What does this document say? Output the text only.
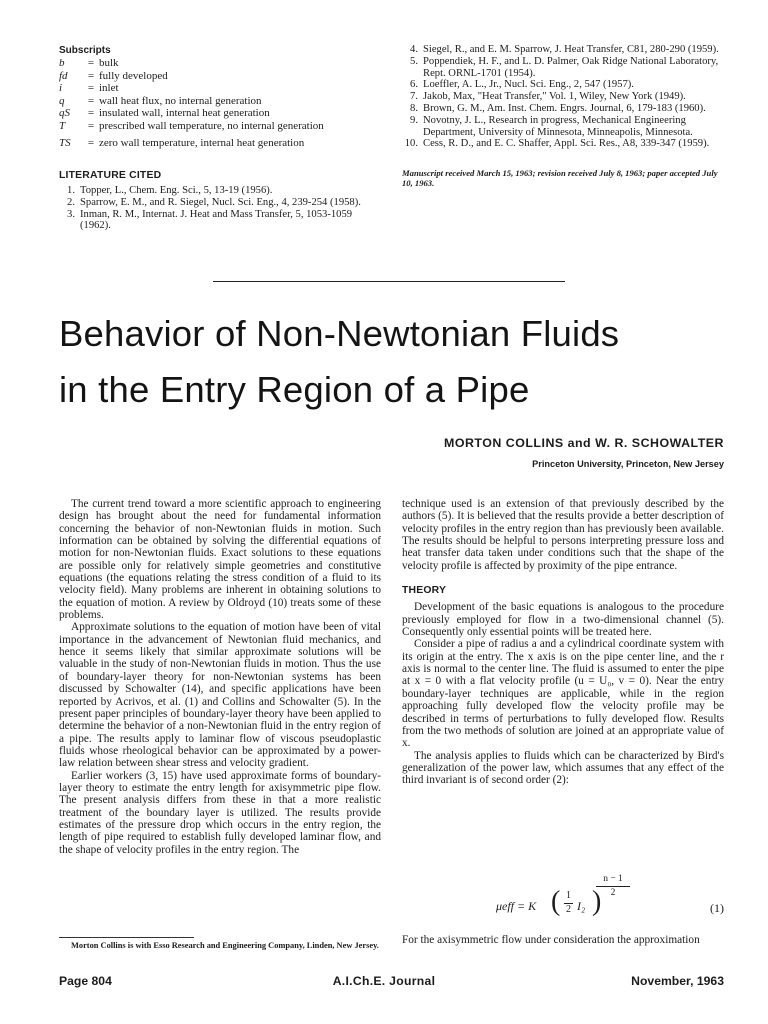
Subscripts
b	= bulk
fd	= fully developed
i	= inlet
q	= wall heat flux, no internal generation
qS	= insulated wall, internal heat generation
T	= prescribed wall temperature, no internal generation
TS	= zero wall temperature, internal heat generation
LITERATURE CITED
1. Topper, L., Chem. Eng. Sci., 5, 13-19 (1956).
2. Sparrow, E. M., and R. Siegel, Nucl. Sci. Eng., 4, 239-254 (1958).
3. Inman, R. M., Internat. J. Heat and Mass Transfer, 5, 1053-1059 (1962).
4. Siegel, R., and E. M. Sparrow, J. Heat Transfer, C81, 280-290 (1959).
5. Poppendiek, H. F., and L. D. Palmer, Oak Ridge National Laboratory, Rept. ORNL-1701 (1954).
6. Loeffler, A. L., Jr., Nucl. Sci. Eng., 2, 547 (1957).
7. Jakob, Max, "Heat Transfer," Vol. 1, Wiley, New York (1949).
8. Brown, G. M., Am. Inst. Chem. Engrs. Journal, 6, 179-183 (1960).
9. Novotny, J. L., Research in progress, Mechanical Engineering Department, University of Minnesota, Minneapolis, Minnesota.
10. Cess, R. D., and E. C. Shaffer, Appl. Sci. Res., A8, 339-347 (1959).
Manuscript received March 15, 1963; revision received July 8, 1963; paper accepted July 10, 1963.
Behavior of Non-Newtonian Fluids
in the Entry Region of a Pipe
MORTON COLLINS and W. R. SCHOWALTER
Princeton University, Princeton, New Jersey

The current trend toward a more scientific approach to engineering design has brought about the need for fundamental information concerning the behavior of non-Newtonian fluids in motion. Such information can be obtained by solving the differential equations of motion for non-Newtonian fluids. Exact solutions to these equations are possible only for relatively simple geometries and constitutive equations (the equations relating the stress condition of a fluid to its velocity field). Many problems are inherent in obtaining solutions to the equation of motion. A review by Oldroyd (10) treats some of these problems.

Approximate solutions to the equation of motion have been of vital importance in the advancement of Newtonian fluid mechanics, and hence it seems likely that similar approximate solutions will be valuable in the study of non-Newtonian fluids in motion. Thus the use of boundary-layer theory for non-Newtonian systems has been discussed by Schowalter (14), and specific applications have been reported by Acrivos, et al. (1) and Collins and Schowalter (5). In the present paper principles of boundary-layer theory have been applied to determine the behavior of a non-Newtonian fluid in the entry region of a pipe. The results apply to laminar flow of viscous pseudoplastic fluids whose rheological behavior can be approximated by a power-law relation between shear stress and velocity gradient.

Earlier workers (3, 15) have used approximate forms of boundary-layer theory to estimate the entry length for axisymmetric pipe flow. The present analysis differs from these in that a more realistic treatment of the boundary layer is utilized. The results provide estimates of the pressure drop which occurs in the entry region, the length of pipe required to establish fully developed laminar flow, and the shape of velocity profiles in the entry region. The

Morton Collins is with Esso Research and Engineering Company, Linden, New Jersey.

technique used is an extension of that previously described by the authors (5). It is believed that the results provide a better description of velocity profiles in the entry region than has previously been available. The results should be helpful to persons interpreting pressure loss and heat transfer data taken under conditions such that the shape of the velocity profile is affected by proximity of the pipe entrance.

THEORY

Development of the basic equations is analogous to the procedure previously employed for flow in a two-dimensional channel (5). Consequently only essential points will be treated here.

Consider a pipe of radius a and a cylindrical coordinate system with its origin at the entry. The x axis is on the pipe center line, and the r axis is normal to the center line. The fluid is assumed to enter the pipe at x = 0 with a flat velocity profile (u = U₀, v = 0). Near the entry boundary-layer techniques are applicable, while in the region approaching fully developed flow the velocity profile may be described in terms of perturbations to fully developed flow. Results from the two methods of solution are joined at an appropriate value of x.

The analysis applies to fluids which can be characterized by Bird's generalization of the power law, which assumes that any effect of the third invariant is of second order (2):

n − 1
2
μeff = K ( 1
2 I₂ )	(1)

For the axisymmetric flow under consideration the approximation

Page 804	A.I.Ch.E. Journal	November, 1963
